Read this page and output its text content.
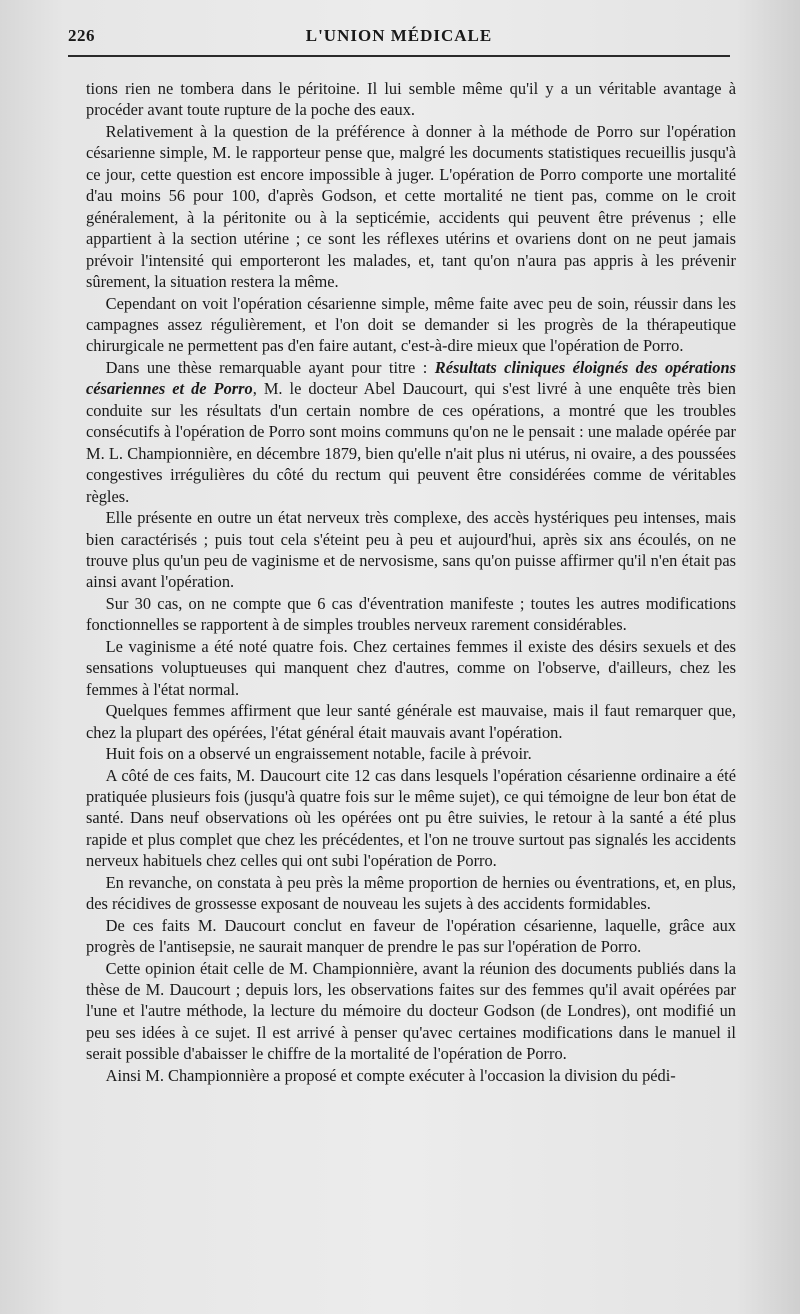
226	L'UNION MÉDICALE

tions rien ne tombera dans le péritoine. Il lui semble même qu'il y a un véritable avantage à procéder avant toute rupture de la poche des eaux.

Relativement à la question de la préférence à donner à la méthode de Porro sur l'opération césarienne simple, M. le rapporteur pense que, malgré les documents statistiques recueillis jusqu'à ce jour, cette question est encore impossible à juger. L'opération de Porro comporte une mortalité d'au moins 56 pour 100, d'après Godson, et cette mortalité ne tient pas, comme on le croit généralement, à la péritonite ou à la septicémie, accidents qui peuvent être prévenus ; elle appartient à la section utérine ; ce sont les réflexes utérins et ovariens dont on ne peut jamais prévoir l'intensité qui emporteront les malades, et, tant qu'on n'aura pas appris à les prévenir sûrement, la situation restera la même.

Cependant on voit l'opération césarienne simple, même faite avec peu de soin, réussir dans les campagnes assez régulièrement, et l'on doit se demander si les progrès de la thérapeutique chirurgicale ne permettent pas d'en faire autant, c'est-à-dire mieux que l'opération de Porro.

Dans une thèse remarquable ayant pour titre : Résultats cliniques éloignés des opérations césariennes et de Porro, M. le docteur Abel Daucourt, qui s'est livré à une enquête très bien conduite sur les résultats d'un certain nombre de ces opérations, a montré que les troubles consécutifs à l'opération de Porro sont moins communs qu'on ne le pensait : une malade opérée par M. L. Championnière, en décembre 1879, bien qu'elle n'ait plus ni utérus, ni ovaire, a des poussées congestives irrégulières du côté du rectum qui peuvent être considérées comme de véritables règles.

Elle présente en outre un état nerveux très complexe, des accès hystériques peu intenses, mais bien caractérisés ; puis tout cela s'éteint peu à peu et aujourd'hui, après six ans écoulés, on ne trouve plus qu'un peu de vaginisme et de nervosisme, sans qu'on puisse affirmer qu'il n'en était pas ainsi avant l'opération.

Sur 30 cas, on ne compte que 6 cas d'éventration manifeste ; toutes les autres modifications fonctionnelles se rapportent à de simples troubles nerveux rarement considérables.

Le vaginisme a été noté quatre fois. Chez certaines femmes il existe des désirs sexuels et des sensations voluptueuses qui manquent chez d'autres, comme on l'observe, d'ailleurs, chez les femmes à l'état normal.

Quelques femmes affirment que leur santé générale est mauvaise, mais il faut remarquer que, chez la plupart des opérées, l'état général était mauvais avant l'opération.

Huit fois on a observé un engraissement notable, facile à prévoir.

A côté de ces faits, M. Daucourt cite 12 cas dans lesquels l'opération césarienne ordinaire a été pratiquée plusieurs fois (jusqu'à quatre fois sur le même sujet), ce qui témoigne de leur bon état de santé. Dans neuf observations où les opérées ont pu être suivies, le retour à la santé a été plus rapide et plus complet que chez les précédentes, et l'on ne trouve surtout pas signalés les accidents nerveux habituels chez celles qui ont subi l'opération de Porro.

En revanche, on constata à peu près la même proportion de hernies ou éventrations, et, en plus, des récidives de grossesse exposant de nouveau les sujets à des accidents formidables.

De ces faits M. Daucourt conclut en faveur de l'opération césarienne, laquelle, grâce aux progrès de l'antisepsie, ne saurait manquer de prendre le pas sur l'opération de Porro.

Cette opinion était celle de M. Championnière, avant la réunion des documents publiés dans la thèse de M. Daucourt ; depuis lors, les observations faites sur des femmes qu'il avait opérées par l'une et l'autre méthode, la lecture du mémoire du docteur Godson (de Londres), ont modifié un peu ses idées à ce sujet. Il est arrivé à penser qu'avec certaines modifications dans le manuel il serait possible d'abaisser le chiffre de la mortalité de l'opération de Porro.

Ainsi M. Championnière a proposé et compte exécuter à l'occasion la division du pédi-
